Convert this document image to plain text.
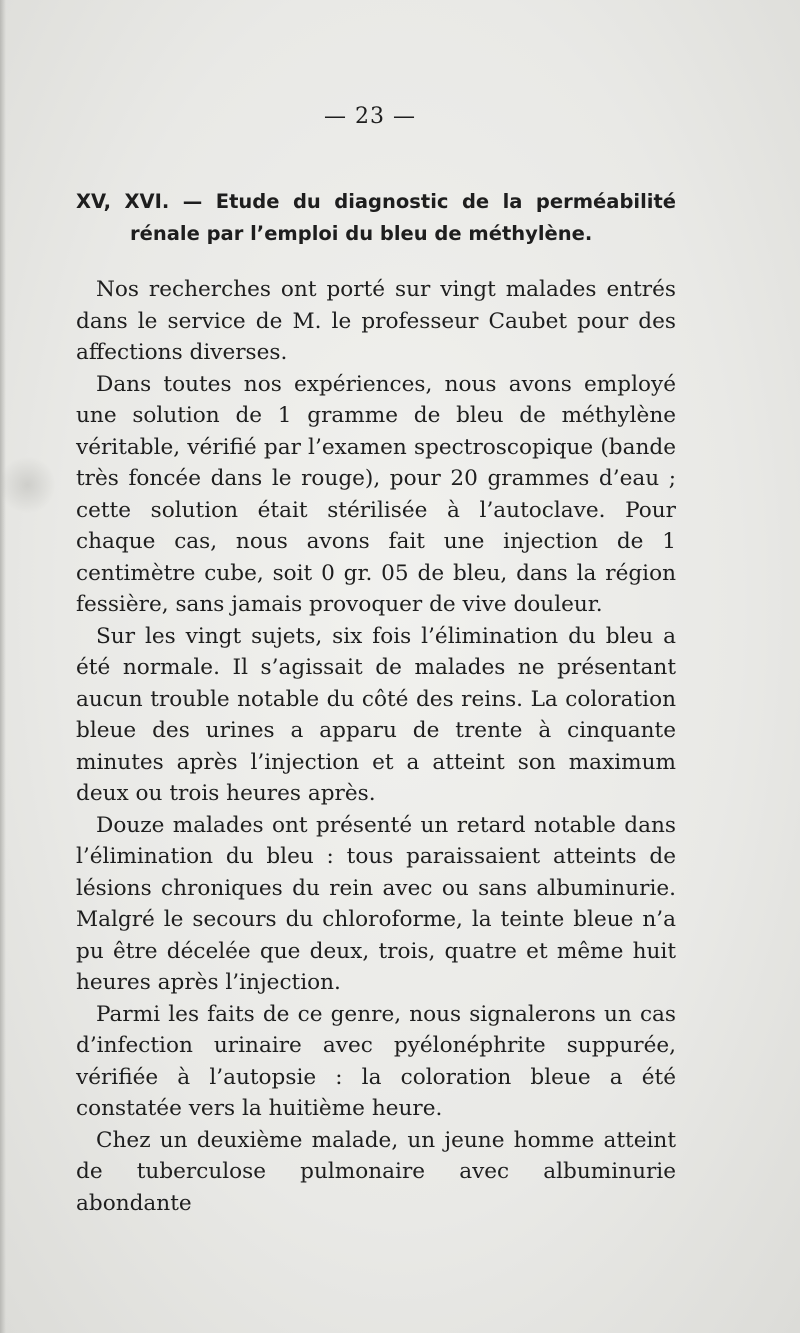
— 23 —
XV, XVI. — Etude du diagnostic de la perméabilité
rénale par l’emploi du bleu de méthylène.

Nos recherches ont porté sur vingt malades entrés dans le service de M. le professeur Caubet pour des affections diverses.

Dans toutes nos expériences, nous avons employé une solution de 1 gramme de bleu de méthylène véritable, vérifié par l’examen spectroscopique (bande très foncée dans le rouge), pour 20 grammes d’eau ; cette solution était stérilisée à l’autoclave. Pour chaque cas, nous avons fait une injection de 1 centimètre cube, soit 0 gr. 05 de bleu, dans la région fessière, sans jamais provoquer de vive douleur.

Sur les vingt sujets, six fois l’élimination du bleu a été normale. Il s’agissait de malades ne présentant aucun trouble notable du côté des reins. La coloration bleue des urines a apparu de trente à cinquante minutes après l’injection et a atteint son maximum deux ou trois heures après.

Douze malades ont présenté un retard notable dans l’élimination du bleu : tous paraissaient atteints de lésions chroniques du rein avec ou sans albuminurie. Malgré le secours du chloroforme, la teinte bleue n’a pu être décelée que deux, trois, quatre et même huit heures après l’injection.

Parmi les faits de ce genre, nous signalerons un cas d’infection urinaire avec pyélonéphrite suppurée, vérifiée à l’autopsie : la coloration bleue a été constatée vers la huitième heure.

Chez un deuxième malade, un jeune homme atteint de tuberculose pulmonaire avec albuminurie abondante
